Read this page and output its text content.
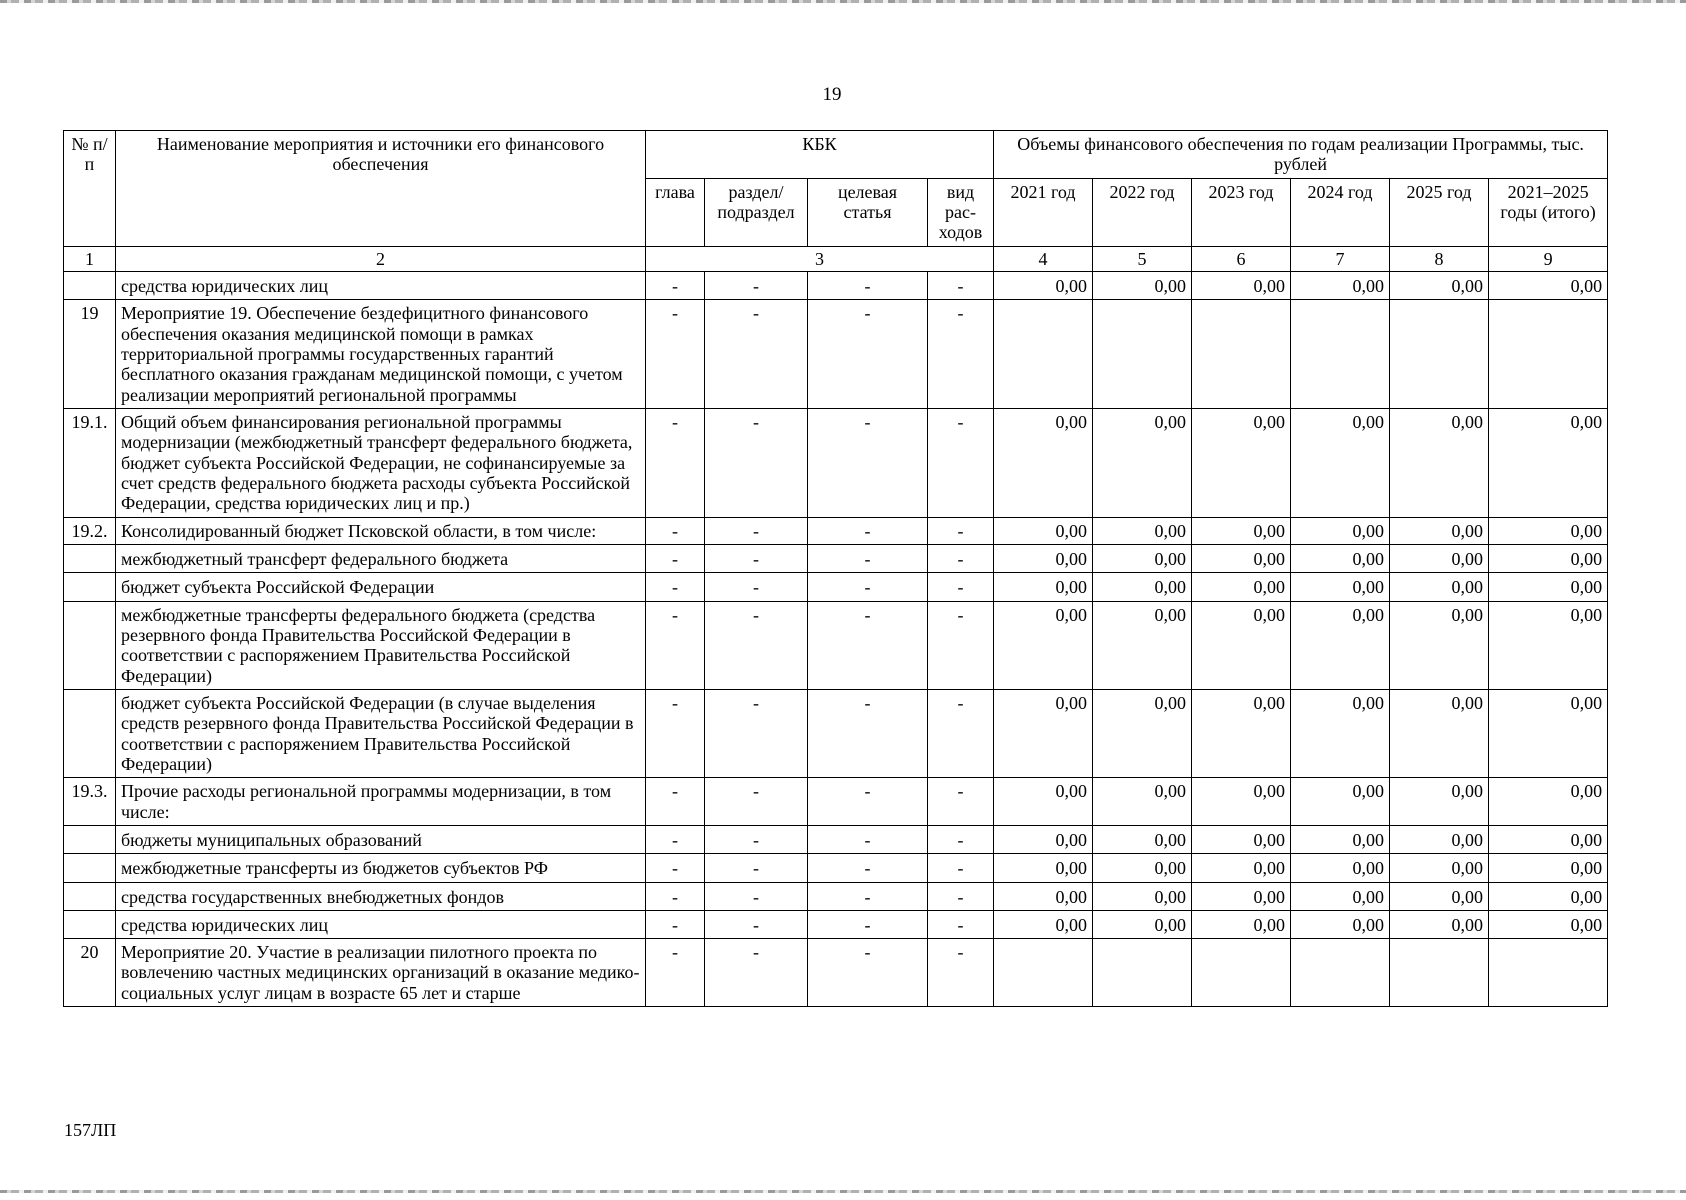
19
№ п/п	Наименование мероприятия и источники его финансового обеспечения	КБК				Объемы финансового обеспечения по годам реализации Программы, тыс. рублей					
		глава	раздел/ подраздел	целевая статья	вид рас-ходов	2021 год	2022 год	2023 год	2024 год	2025 год	2021–2025 годы (итого)
1	2	3				4	5	6	7	8	9
	средства юридических лиц	-	-	-	-	0,00	0,00	0,00	0,00	0,00	0,00
19	Мероприятие 19. Обеспечение бездефицитного финансового обеспечения оказания медицинской помощи в рамках территориальной программы государственных гарантий бесплатного оказания гражданам медицинской помощи, с учетом реализации мероприятий региональной программы	-	-	-	-						
19.1.	Общий объем финансирования региональной программы модернизации (межбюджетный трансферт федерального бюджета, бюджет субъекта Российской Федерации, не софинансируемые за счет средств федерального бюджета расходы субъекта Российской Федерации, средства юридических лиц и пр.)	-	-	-	-	0,00	0,00	0,00	0,00	0,00	0,00
19.2.	Консолидированный бюджет Псковской области, в том числе:	-	-	-	-	0,00	0,00	0,00	0,00	0,00	0,00
	межбюджетный трансферт федерального бюджета	-	-	-	-	0,00	0,00	0,00	0,00	0,00	0,00
	бюджет субъекта Российской Федерации	-	-	-	-	0,00	0,00	0,00	0,00	0,00	0,00
	межбюджетные трансферты федерального бюджета (средства резервного фонда Правительства Российской Федерации в соответствии с распоряжением Правительства Российской Федерации)	-	-	-	-	0,00	0,00	0,00	0,00	0,00	0,00
	бюджет субъекта Российской Федерации (в случае выделения средств резервного фонда Правительства Российской Федерации в соответствии с распоряжением Правительства Российской Федерации)	-	-	-	-	0,00	0,00	0,00	0,00	0,00	0,00
19.3.	Прочие расходы региональной программы модернизации, в том числе:	-	-	-	-	0,00	0,00	0,00	0,00	0,00	0,00
	бюджеты муниципальных образований	-	-	-	-	0,00	0,00	0,00	0,00	0,00	0,00
	межбюджетные трансферты из бюджетов субъектов РФ	-	-	-	-	0,00	0,00	0,00	0,00	0,00	0,00
	средства государственных внебюджетных фондов	-	-	-	-	0,00	0,00	0,00	0,00	0,00	0,00
	средства юридических лиц	-	-	-	-	0,00	0,00	0,00	0,00	0,00	0,00
20	Мероприятие 20. Участие в реализации пилотного проекта по вовлечению частных медицинских организаций в оказание медико-социальных услуг лицам в возрасте 65 лет и старше	-	-	-	-						
157ЛП
